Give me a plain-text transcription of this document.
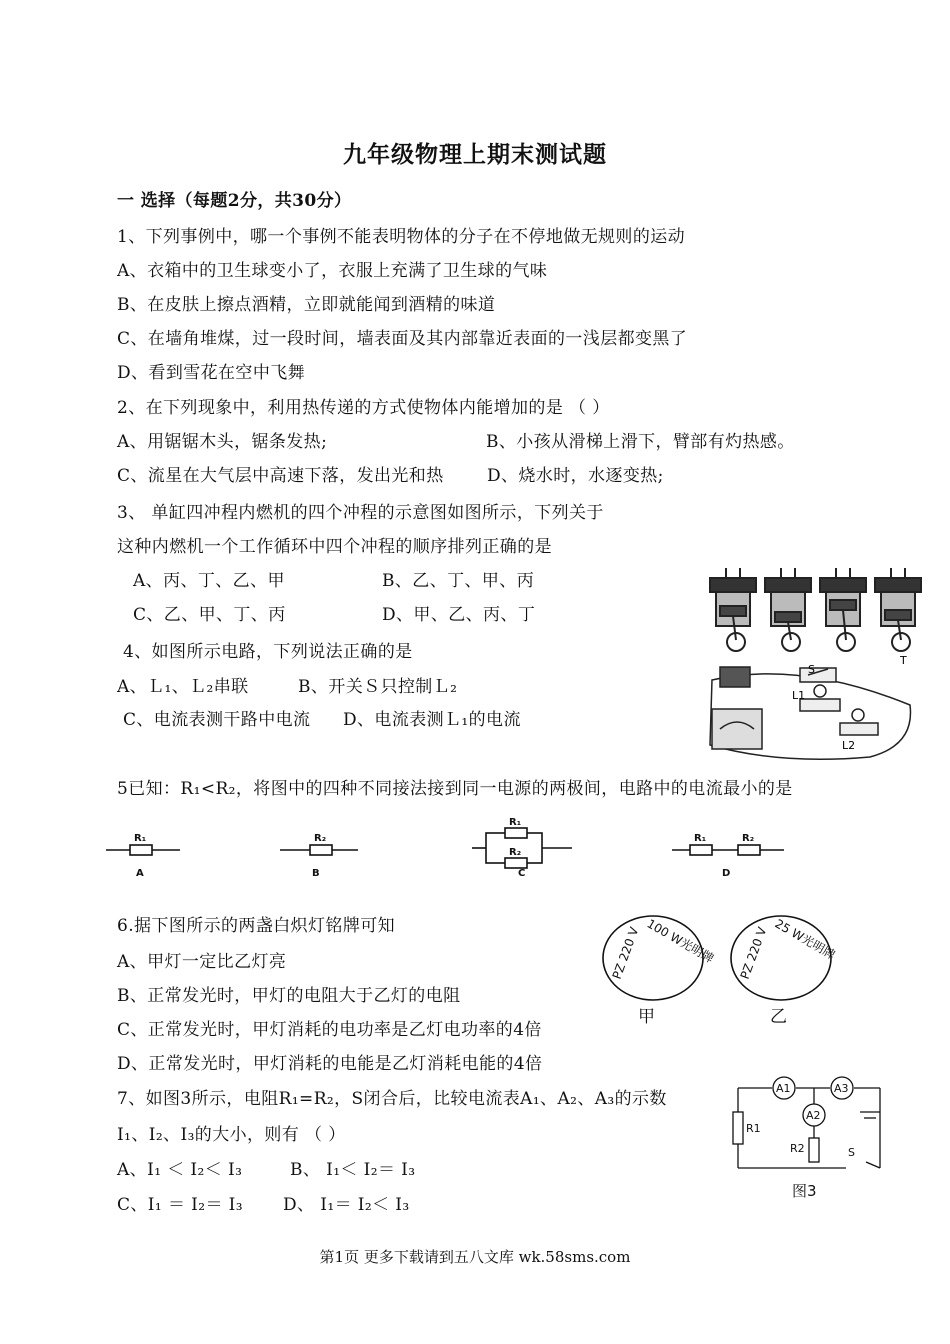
九年级物理上期末测试题
一 选择（每题2分，共30分）
1、下列事例中，哪一个事例不能表明物体的分子在不停地做无规则的运动
A、衣箱中的卫生球变小了，衣服上充满了卫生球的气味
B、在皮肤上擦点酒精，立即就能闻到酒精的味道
C、在墙角堆煤，过一段时间，墙表面及其内部靠近表面的一浅层都变黑了
D、看到雪花在空中飞舞
2、在下列现象中，利用热传递的方式使物体内能增加的是 （ ）
A、用锯锯木头，锯条发热;	B、小孩从滑梯上滑下，臂部有灼热感。
C、流星在大气层中高速下落，发出光和热	D、烧水时，水逐变热;
3、 单缸四冲程内燃机的四个冲程的示意图如图所示，下列关于
这种内燃机一个工作循环中四个冲程的顺序排列正确的是
A、丙、丁、乙、甲	B、乙、丁、甲、丙
C、乙、甲、丁、丙	D、甲、乙、丙、丁
T
4、如图所示电路，下列说法正确的是
A、Ｌ₁、Ｌ₂串联	B、开关Ｓ只控制Ｌ₂
C、电流表测干路中电流 D、电流表测Ｌ₁的电流
S
L1
L2
5已知：R₁<R₂，将图中的四种不同接法接到同一电源的两极间，电路中的电流最小的是
R₁	R₂
R₁
R₂
R₁	R₂
A	B	C	D
6.据下图所示的两盏白炽灯铭牌可知
A、甲灯一定比乙灯亮
B、正常发光时，甲灯的电阻大于乙灯的电阻
C、正常发光时，甲灯消耗的电功率是乙灯电功率的4倍
D、正常发光时，甲灯消耗的电能是乙灯消耗电能的4倍
PZ 220 V 100 W光明牌 PZ 220 V 25 W光明牌
甲	乙
7、如图3所示，电阻R₁=R₂，S闭合后，比较电流表A₁、A₂、A₃的示数
I₁、I₂、I₃的大小，则有 （ ）
A、I₁ ＜ I₂＜ I₃	B、 I₁＜ I₂＝ I₃
C、I₁ ＝ I₂＝ I₃ D、 I₁＝ I₂＜ I₃
A1	A3
A2
R1
R2	S
图3
第1页 更多下载请到五八文库 wk.58sms.com
